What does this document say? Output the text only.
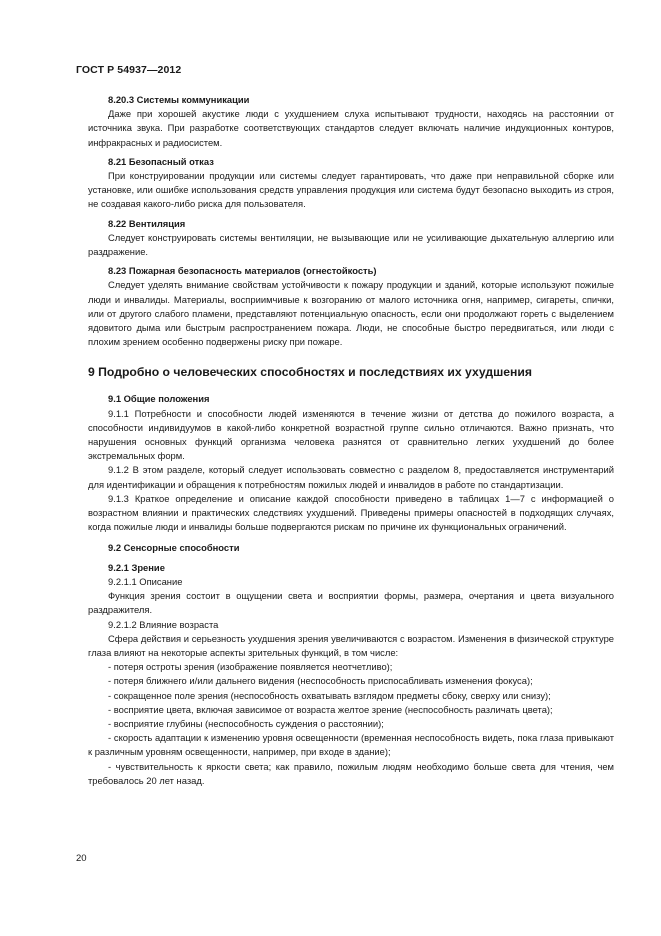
ГОСТ Р 54937—2012
8.20.3 Системы коммуникации

Даже при хорошей акустике люди с ухудшением слуха испытывают трудности, находясь на расстоянии от источника звука. При разработке соответствующих стандартов следует включать наличие индукционных контуров, инфракрасных и радиосистем.

8.21 Безопасный отказ

При конструировании продукции или системы следует гарантировать, что даже при неправильной сборке или установке, или ошибке использования средств управления продукция или система будут безопасно выходить из строя, не создавая какого-либо риска для пользователя.

8.22 Вентиляция

Следует конструировать системы вентиляции, не вызывающие или не усиливающие дыхательную аллергию или раздражение.

8.23 Пожарная безопасность материалов (огнестойкость)

Следует уделять внимание свойствам устойчивости к пожару продукции и зданий, которые используют пожилые люди и инвалиды. Материалы, восприимчивые к возгоранию от малого источника огня, например, сигареты, спички, или от другого слабого пламени, представляют потенциальную опасность, если они продолжают гореть с выделением ядовитого дыма или быстрым распространением пожара. Люди, не способные быстро передвигаться, или люди с плохим зрением особенно подвержены риску при пожаре.

9 Подробно о человеческих способностях и последствиях их ухудшения
9.1 Общие положения

9.1.1 Потребности и способности людей изменяются в течение жизни от детства до пожилого возраста, а способности индивидуумов в какой-либо конкретной возрастной группе сильно отличаются. Важно признать, что нарушения основных функций организма человека разнятся от сравнительно легких ухудшений до более экстремальных форм.

9.1.2 В этом разделе, который следует использовать совместно с разделом 8, предоставляется инструментарий для идентификации и обращения к потребностям пожилых людей и инвалидов в работе по стандартизации.

9.1.3 Краткое определение и описание каждой способности приведено в таблицах 1—7 с информацией о возрастном влиянии и практических следствиях ухудшений. Приведены примеры опасностей в подходящих случаях, когда пожилые люди и инвалиды больше подвергаются рискам по причине их функциональных ограничений.

9.2 Сенсорные способности
9.2.1 Зрение

9.2.1.1 Описание

Функция зрения состоит в ощущении света и восприятии формы, размера, очертания и цвета визуального раздражителя.

9.2.1.2 Влияние возраста

Сфера действия и серьезность ухудшения зрения увеличиваются с возрастом. Изменения в физической структуре глаза влияют на некоторые аспекты зрительных функций, в том числе:

- потеря остроты зрения (изображение появляется неотчетливо);

- потеря ближнего и/или дальнего видения (неспособность приспосабливать изменения фокуса);

- сокращенное поле зрения (неспособность охватывать взглядом предметы сбоку, сверху или снизу);

- восприятие цвета, включая зависимое от возраста желтое зрение (неспособность различать цвета);

- восприятие глубины (неспособность суждения о расстоянии);

- скорость адаптации к изменению уровня освещенности (временная неспособность видеть, пока глаза привыкают к различным уровням освещенности, например, при входе в здание);

- чувствительность к яркости света; как правило, пожилым людям необходимо больше света для чтения, чем требовалось 20 лет назад.

20
